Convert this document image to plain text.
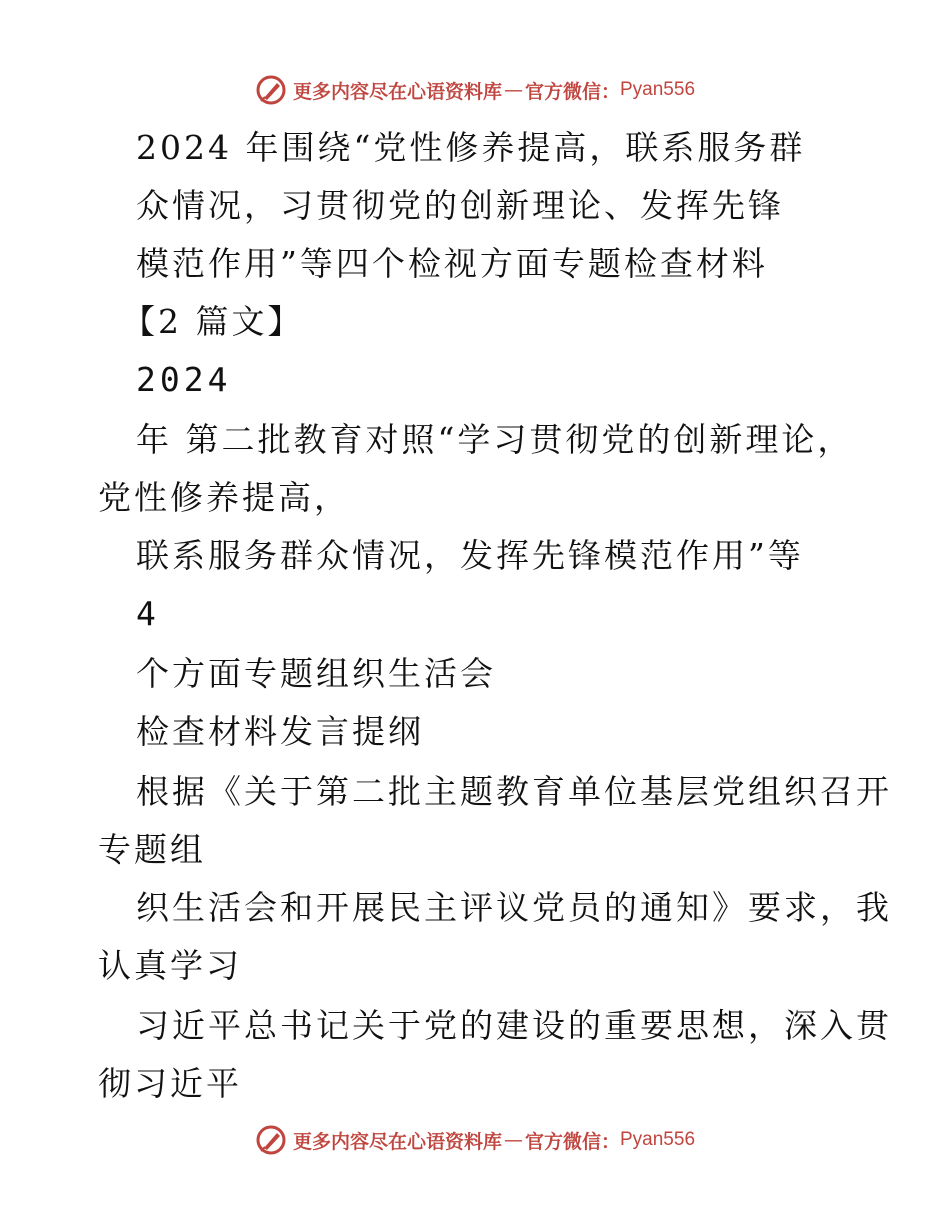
更多内容尽在心语资料库 — 官方微信： Pyan556
2024 年围绕“党性修养提高，联系服务群
众情况，习贯彻党的创新理论、发挥先锋
模范作用”等四个检视方面专题检查材料
【2 篇文】
2024
年 第二批教育对照“学习贯彻党的创新理论，
党性修养提高，
联系服务群众情况，发挥先锋模范作用”等
4
个方面专题组织生活会
检查材料发言提纲
根据《关于第二批主题教育单位基层党组织召开
专题组
织生活会和开展民主评议党员的通知》要求，我
认真学习
习近平总书记关于党的建设的重要思想，深入贯
彻习近平
更多内容尽在心语资料库 — 官方微信： Pyan556
